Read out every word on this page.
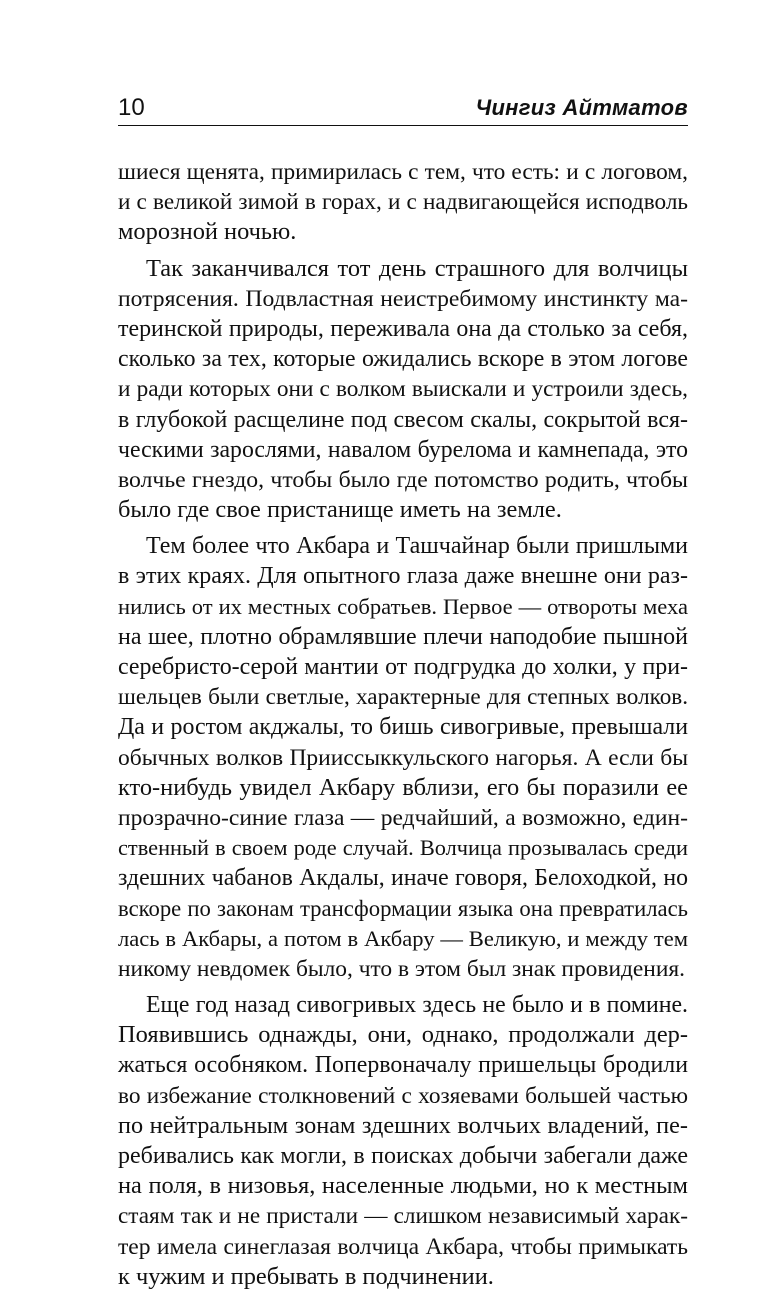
10	Чингиз Айтматов
шиеся щенята, примирилась с тем, что есть: и с логовом,
и с великой зимой в горах, и с надвигающейся исподволь
морозной ночью.
Так заканчивался тот день страшного для волчицы
потрясения. Подвластная неистребимому инстинкту ма-
теринской природы, переживала она да столько за себя,
сколько за тех, которые ожидались вскоре в этом логове
и ради которых они с волком выискали и устроили здесь,
в глубокой расщелине под свесом скалы, сокрытой вся-
ческими зарослями, навалом бурелома и камнепада, это
волчье гнездо, чтобы было где потомство родить, чтобы
было где свое пристанище иметь на земле.
Тем более что Акбара и Ташчайнар были пришлыми
в этих краях. Для опытного глаза даже внешне они раз-
нились от их местных собратьев. Первое — отвороты меха
на шее, плотно обрамлявшие плечи наподобие пышной
серебристо-серой мантии от подгрудка до холки, у при-
шельцев были светлые, характерные для степных волков.
Да и ростом акджалы, то бишь сивогривые, превышали
обычных волков Приисcыккульского нагорья. А если бы
кто-нибудь увидел Акбару вблизи, его бы поразили ее
прозрачно-синие глаза — редчайший, а возможно, един-
ственный в своем роде случай. Волчица прозывалась среди
здешних чабанов Акдалы, иначе говоря, Белоходкой, но
вскоре по законам трансформации языка она превратилась
лась в Акбары, а потом в Акбару — Великую, и между тем
никому невдомек было, что в этом был знак провидения.
Еще год назад сивогривых здесь не было и в помине.
Появившись однажды, они, однако, продолжали дер-
жаться особняком. Попервоначалу пришельцы бродили
во избежание столкновений с хозяевами большей частью
по нейтральным зонам здешних волчьих владений, пе-
ребивались как могли, в поисках добычи забегали даже
на поля, в низовья, населенные людьми, но к местным
стаям так и не пристали — слишком независимый харак-
тер имела синеглазая волчица Акбара, чтобы примыкать
к чужим и пребывать в подчинении.
